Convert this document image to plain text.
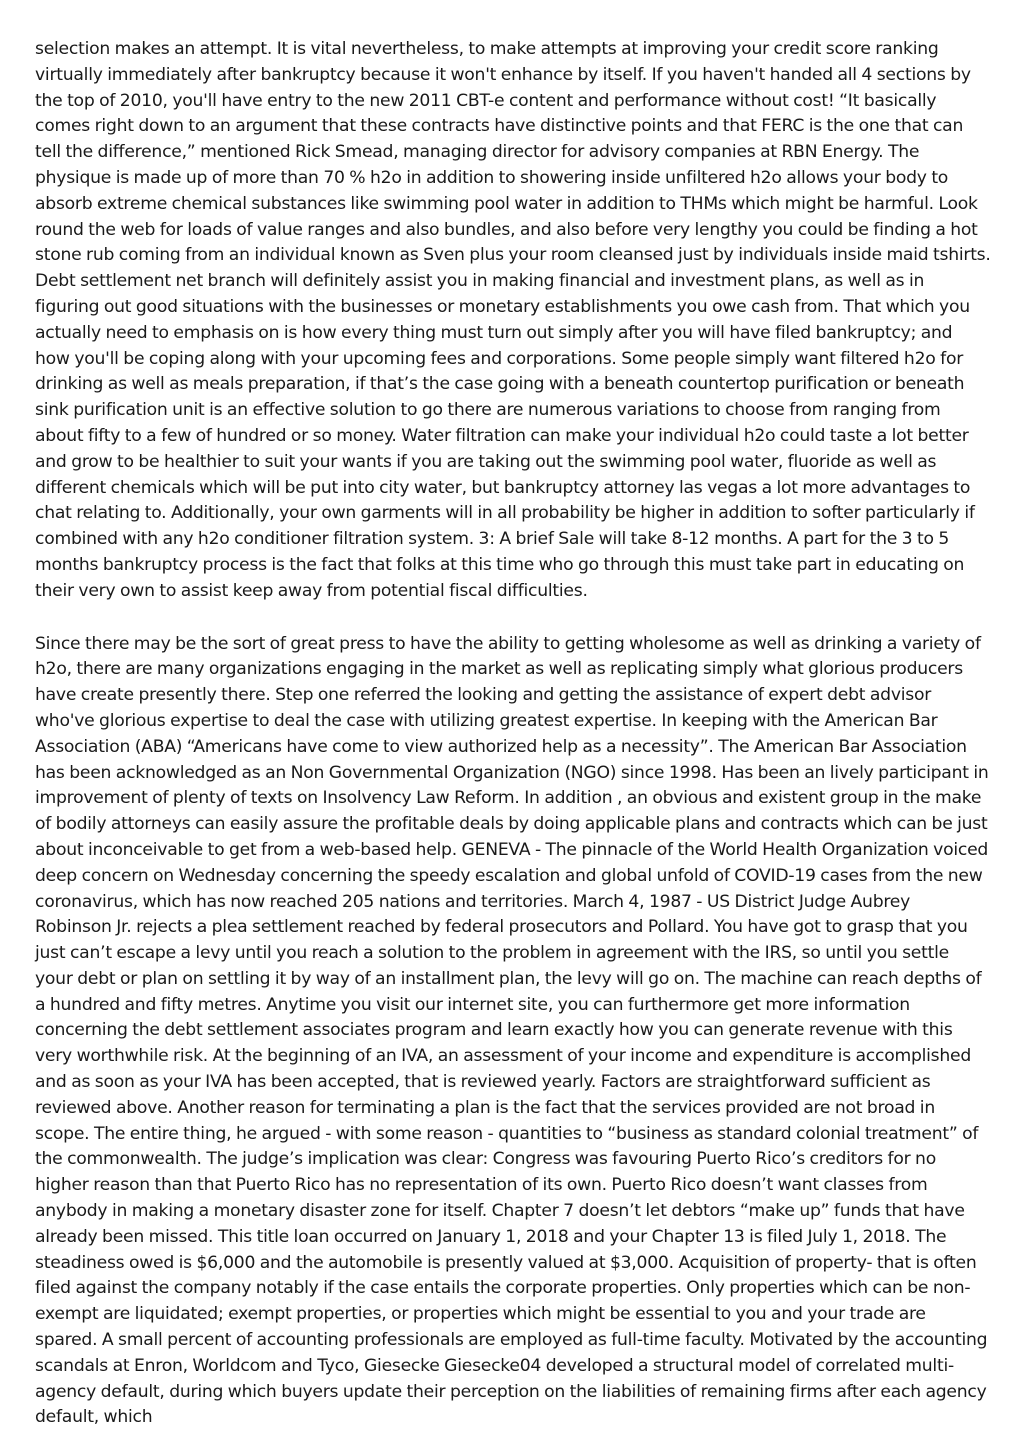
selection makes an attempt. It is vital nevertheless, to make attempts at improving your credit score ranking virtually immediately after bankruptcy because it won't enhance by itself. If you haven't handed all 4 sections by the top of 2010, you'll have entry to the new 2011 CBT-e content and performance without cost! “It basically comes right down to an argument that these contracts have distinctive points and that FERC is the one that can tell the difference,” mentioned Rick Smead, managing director for advisory companies at RBN Energy. The physique is made up of more than 70 % h2o in addition to showering inside unfiltered h2o allows your body to absorb extreme chemical substances like swimming pool water in addition to THMs which might be harmful. Look round the web for loads of value ranges and also bundles, and also before very lengthy you could be finding a hot stone rub coming from an individual known as Sven plus your room cleansed just by individuals inside maid tshirts. Debt settlement net branch will definitely assist you in making financial and investment plans, as well as in figuring out good situations with the businesses or monetary establishments you owe cash from. That which you actually need to emphasis on is how every thing must turn out simply after you will have filed bankruptcy; and how you'll be coping along with your upcoming fees and corporations. Some people simply want filtered h2o for drinking as well as meals preparation, if that’s the case going with a beneath countertop purification or beneath sink purification unit is an effective solution to go there are numerous variations to choose from ranging from about fifty to a few of hundred or so money. Water filtration can make your individual h2o could taste a lot better and grow to be healthier to suit your wants if you are taking out the swimming pool water, fluoride as well as different chemicals which will be put into city water, but bankruptcy attorney las vegas a lot more advantages to chat relating to. Additionally, your own garments will in all probability be higher in addition to softer particularly if combined with any h2o conditioner filtration system. 3: A brief Sale will take 8-12 months. A part for the 3 to 5 months bankruptcy process is the fact that folks at this time who go through this must take part in educating on their very own to assist keep away from potential fiscal difficulties.

Since there may be the sort of great press to have the ability to getting wholesome as well as drinking a variety of h2o, there are many organizations engaging in the market as well as replicating simply what glorious producers have create presently there. Step one referred the looking and getting the assistance of expert debt advisor who've glorious expertise to deal the case with utilizing greatest expertise. In keeping with the American Bar Association (ABA) “Americans have come to view authorized help as a necessity”. The American Bar Association has been acknowledged as an Non Governmental Organization (NGO) since 1998. Has been an lively participant in improvement of plenty of texts on Insolvency Law Reform. In addition , an obvious and existent group in the make of bodily attorneys can easily assure the profitable deals by doing applicable plans and contracts which can be just about inconceivable to get from a web-based help. GENEVA - The pinnacle of the World Health Organization voiced deep concern on Wednesday concerning the speedy escalation and global unfold of COVID-19 cases from the new coronavirus, which has now reached 205 nations and territories. March 4, 1987 - US District Judge Aubrey Robinson Jr. rejects a plea settlement reached by federal prosecutors and Pollard. You have got to grasp that you just can’t escape a levy until you reach a solution to the problem in agreement with the IRS, so until you settle your debt or plan on settling it by way of an installment plan, the levy will go on. The machine can reach depths of a hundred and fifty metres. Anytime you visit our internet site, you can furthermore get more information concerning the debt settlement associates program and learn exactly how you can generate revenue with this very worthwhile risk. At the beginning of an IVA, an assessment of your income and expenditure is accomplished and as soon as your IVA has been accepted, that is reviewed yearly. Factors are straightforward sufficient as reviewed above. Another reason for terminating a plan is the fact that the services provided are not broad in scope. The entire thing, he argued - with some reason - quantities to “business as standard colonial treatment” of the commonwealth. The judge’s implication was clear: Congress was favouring Puerto Rico’s creditors for no higher reason than that Puerto Rico has no representation of its own. Puerto Rico doesn’t want classes from anybody in making a monetary disaster zone for itself. Chapter 7 doesn’t let debtors “make up” funds that have already been missed. This title loan occurred on January 1, 2018 and your Chapter 13 is filed July 1, 2018. The steadiness owed is $6,000 and the automobile is presently valued at $3,000. Acquisition of property- that is often filed against the company notably if the case entails the corporate properties. Only properties which can be non-exempt are liquidated; exempt properties, or properties which might be essential to you and your trade are spared. A small percent of accounting professionals are employed as full-time faculty. Motivated by the accounting scandals at Enron, Worldcom and Tyco, Giesecke Giesecke04 developed a structural model of correlated multi-agency default, during which buyers update their perception on the liabilities of remaining firms after each agency default, which
